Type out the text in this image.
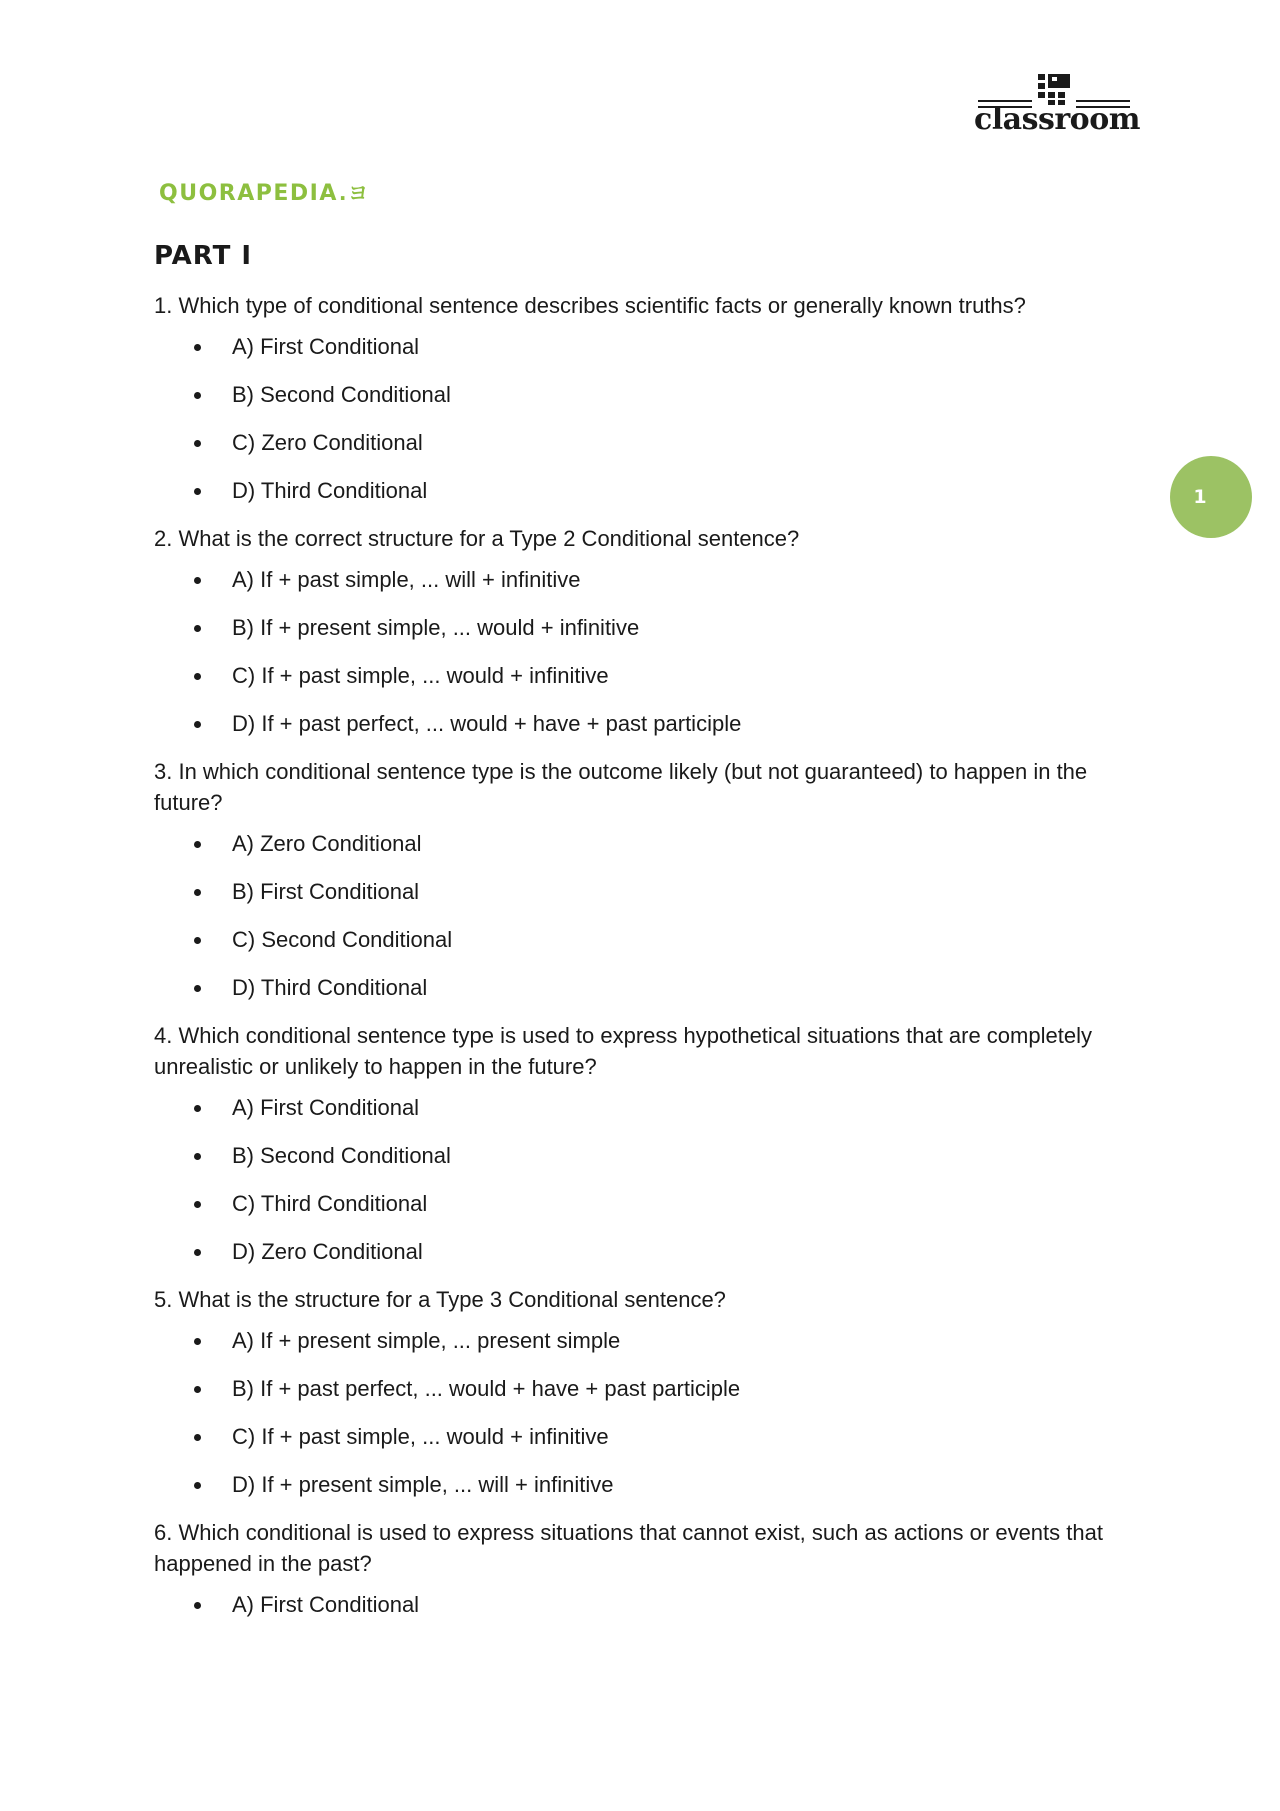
classroom
QUORAPEDIA.ヨ
1
PART I
1. Which type of conditional sentence describes scientific facts or generally known truths?
A) First Conditional
B) Second Conditional
C) Zero Conditional
D) Third Conditional
2. What is the correct structure for a Type 2 Conditional sentence?
A) If + past simple, ... will + infinitive
B) If + present simple, ... would + infinitive
C) If + past simple, ... would + infinitive
D) If + past perfect, ... would + have + past participle
3. In which conditional sentence type is the outcome likely (but not guaranteed) to happen in the future?
A) Zero Conditional
B) First Conditional
C) Second Conditional
D) Third Conditional
4. Which conditional sentence type is used to express hypothetical situations that are completely unrealistic or unlikely to happen in the future?
A) First Conditional
B) Second Conditional
C) Third Conditional
D) Zero Conditional
5. What is the structure for a Type 3 Conditional sentence?
A) If + present simple, ... present simple
B) If + past perfect, ... would + have + past participle
C) If + past simple, ... would + infinitive
D) If + present simple, ... will + infinitive
6. Which conditional is used to express situations that cannot exist, such as actions or events that happened in the past?
A) First Conditional
